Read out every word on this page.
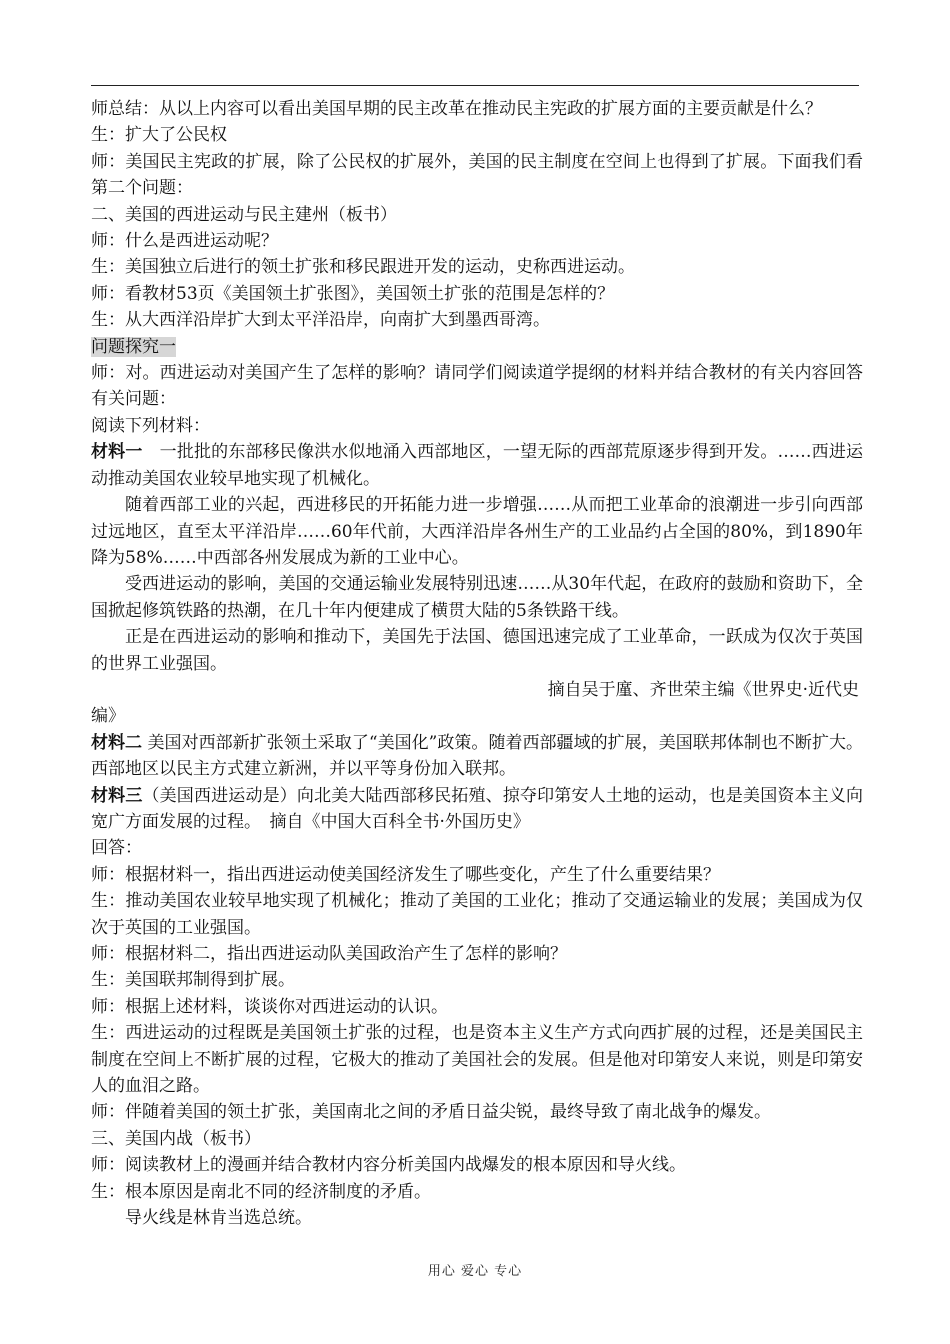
师总结：从以上内容可以看出美国早期的民主改革在推动民主宪政的扩展方面的主要贡献是什么？

生：扩大了公民权

师：美国民主宪政的扩展，除了公民权的扩展外，美国的民主制度在空间上也得到了扩展。下面我们看第二个问题：

二、美国的西进运动与民主建州（板书）

师：什么是西进运动呢？

生：美国独立后进行的领土扩张和移民跟进开发的运动，史称西进运动。

师：看教材53页《美国领土扩张图》，美国领土扩张的范围是怎样的？

生：从大西洋沿岸扩大到太平洋沿岸，向南扩大到墨西哥湾。

问题探究一

师：对。西进运动对美国产生了怎样的影响？请同学们阅读道学提纲的材料并结合教材的有关内容回答有关问题：

阅读下列材料：

材料一　一批批的东部移民像洪水似地涌入西部地区，一望无际的西部荒原逐步得到开发。……西进运动推动美国农业较早地实现了机械化。

随着西部工业的兴起，西进移民的开拓能力进一步增强……从而把工业革命的浪潮进一步引向西部过远地区，直至太平洋沿岸……60年代前，大西洋沿岸各州生产的工业品约占全国的80%，到1890年降为58%……中西部各州发展成为新的工业中心。

受西进运动的影响，美国的交通运输业发展特别迅速……从30年代起，在政府的鼓励和资助下，全国掀起修筑铁路的热潮，在几十年内便建成了横贯大陆的5条铁路干线。

正是在西进运动的影响和推动下，美国先于法国、德国迅速完成了工业革命，一跃成为仅次于英国的世界工业强国。

摘自吴于廑、齐世荣主编《世界史·近代史

编》

材料二 美国对西部新扩张领土采取了“美国化”政策。随着西部疆域的扩展，美国联邦体制也不断扩大。西部地区以民主方式建立新洲，并以平等身份加入联邦。

材料三（美国西进运动是）向北美大陆西部移民拓殖、掠夺印第安人土地的运动，也是美国资本主义向宽广方面发展的过程。　摘自《中国大百科全书·外国历史》

回答：

师：根据材料一，指出西进运动使美国经济发生了哪些变化，产生了什么重要结果？

生：推动美国农业较早地实现了机械化；推动了美国的工业化；推动了交通运输业的发展；美国成为仅次于英国的工业强国。

师：根据材料二，指出西进运动队美国政治产生了怎样的影响？

生：美国联邦制得到扩展。

师：根据上述材料，谈谈你对西进运动的认识。

生：西进运动的过程既是美国领土扩张的过程，也是资本主义生产方式向西扩展的过程，还是美国民主制度在空间上不断扩展的过程，它极大的推动了美国社会的发展。但是他对印第安人来说，则是印第安人的血泪之路。

师：伴随着美国的领土扩张，美国南北之间的矛盾日益尖锐，最终导致了南北战争的爆发。

三、美国内战（板书）

师：阅读教材上的漫画并结合教材内容分析美国内战爆发的根本原因和导火线。

生：根本原因是南北不同的经济制度的矛盾。

导火线是林肯当选总统。

用心 爱心 专心
